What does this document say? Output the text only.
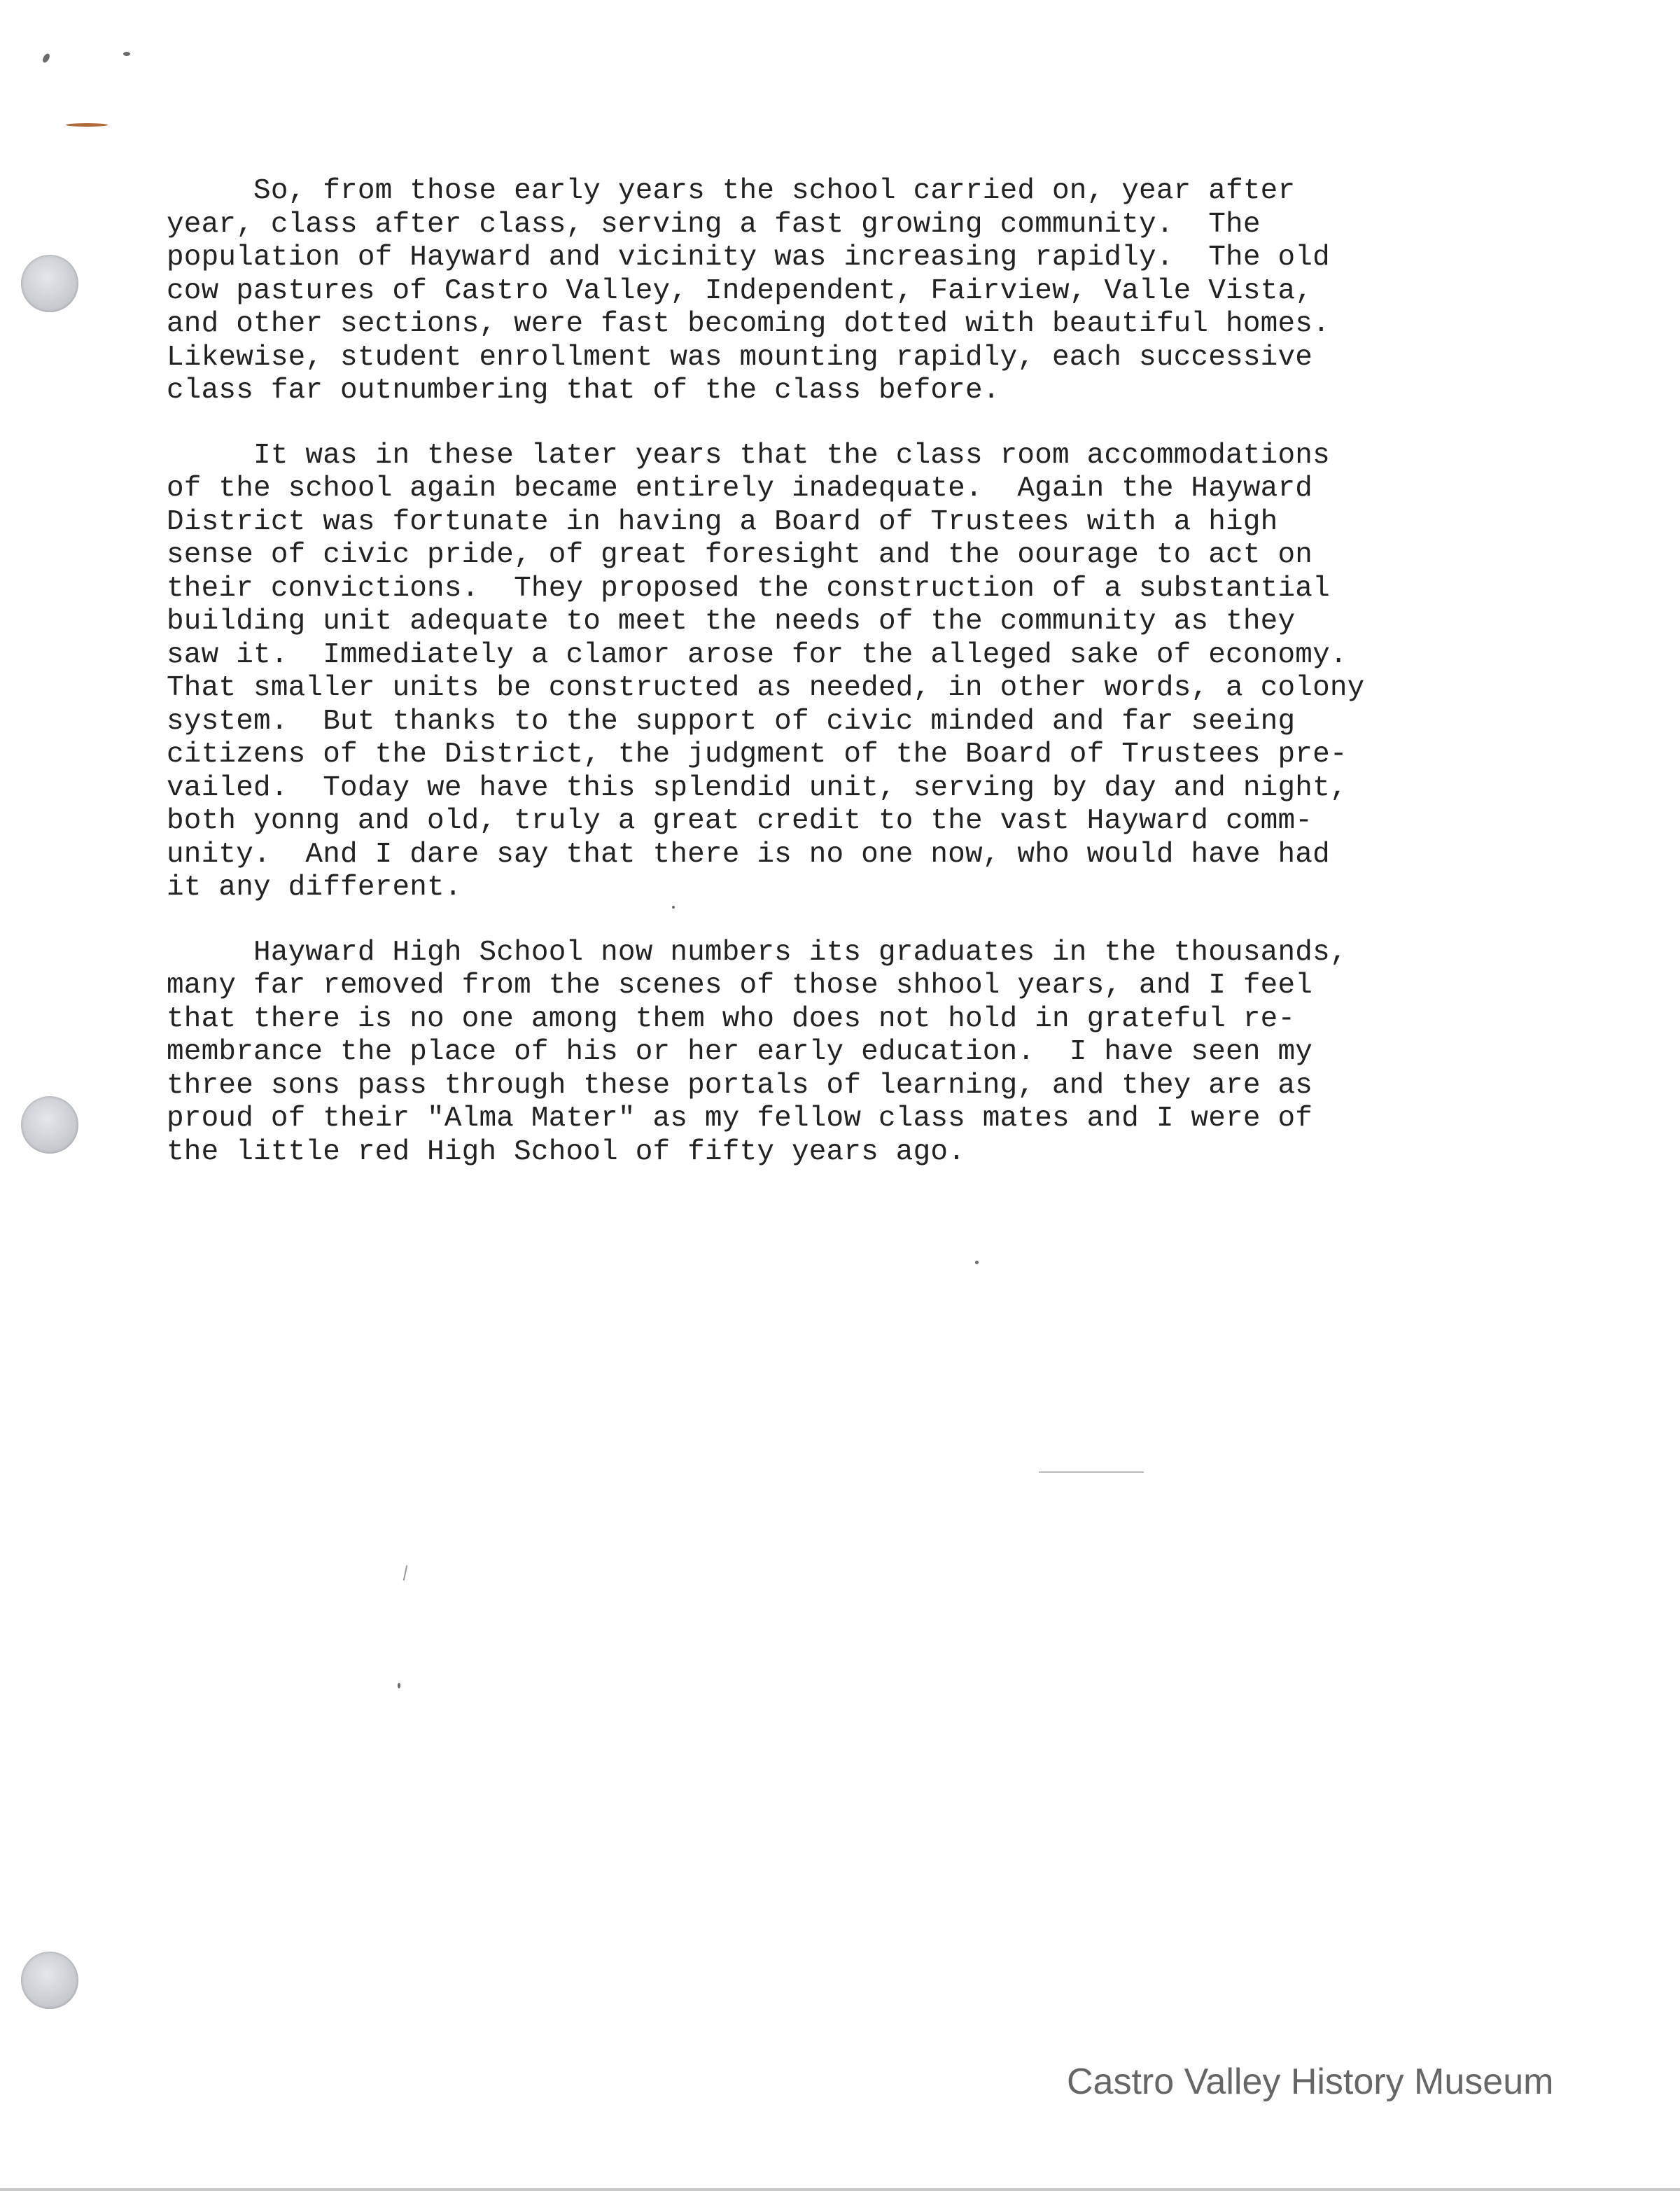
So, from those early years the school carried on, year after
year, class after class, serving a fast growing community.  The
population of Hayward and vicinity was increasing rapidly.  The old
cow pastures of Castro Valley, Independent, Fairview, Valle Vista,
and other sections, were fast becoming dotted with beautiful homes.
Likewise, student enrollment was mounting rapidly, each successive
class far outnumbering that of the class before.

It was in these later years that the class room accommodations
of the school again became entirely inadequate.  Again the Hayward
District was fortunate in having a Board of Trustees with a high
sense of civic pride, of great foresight and the oourage to act on
their convictions.  They proposed the construction of a substantial
building unit adequate to meet the needs of the community as they
saw it.  Immediately a clamor arose for the alleged sake of economy.
That smaller units be constructed as needed, in other words, a colony
system.  But thanks to the support of civic minded and far seeing
citizens of the District, the judgment of the Board of Trustees pre-
vailed.  Today we have this splendid unit, serving by day and night,
both yonng and old, truly a great credit to the vast Hayward comm-
unity.  And I dare say that there is no one now, who would have had
it any different.

Hayward High School now numbers its graduates in the thousands,
many far removed from the scenes of those shhool years, and I feel
that there is no one among them who does not hold in grateful re-
membrance the place of his or her early education.  I have seen my
three sons pass through these portals of learning, and they are as
proud of their "Alma Mater" as my fellow class mates and I were of
the little red High School of fifty years ago.

Castro Valley History Museum
